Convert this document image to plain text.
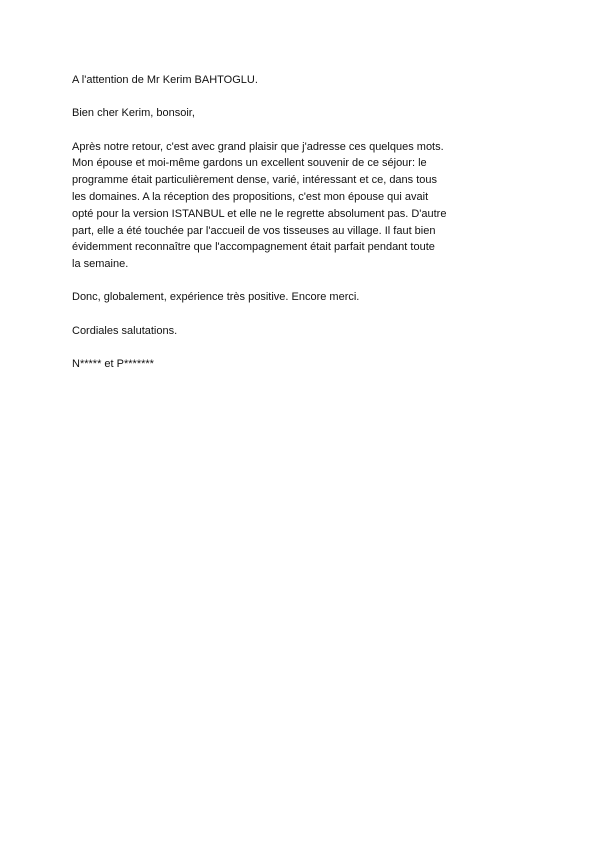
A l'attention de Mr Kerim BAHTOGLU.

Bien cher Kerim, bonsoir,

Après notre retour, c'est avec grand plaisir que j'adresse ces quelques mots.
Mon épouse et moi-même gardons un excellent souvenir de ce séjour: le
programme était particulièrement dense, varié, intéressant et ce, dans tous
les domaines. A la réception des propositions, c'est mon épouse qui avait
opté pour la version ISTANBUL et elle ne le regrette absolument pas. D'autre
part, elle a été touchée par l'accueil de vos tisseuses au village. Il faut bien
évidemment reconnaître que l'accompagnement était parfait pendant toute
la semaine.

Donc, globalement, expérience très positive. Encore merci.

Cordiales salutations.

N***** et P*******
